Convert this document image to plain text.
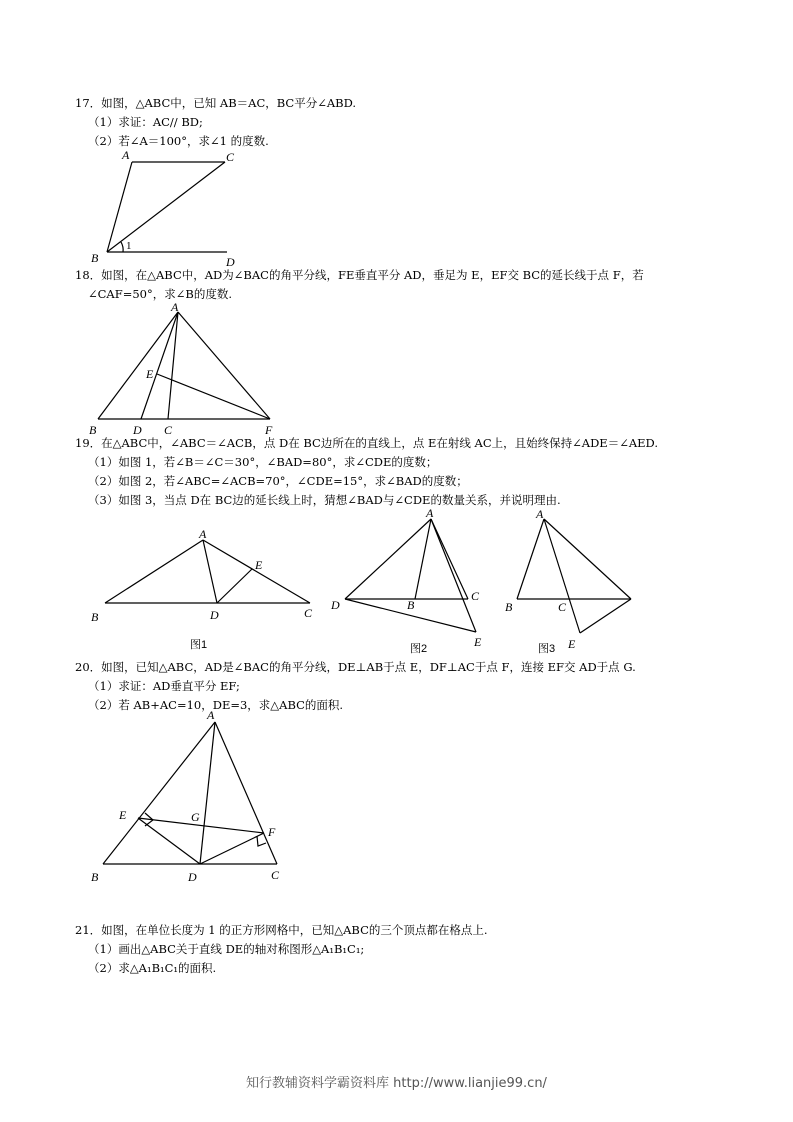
17．如图，△ABC中，已知 AB＝AC，BC平分∠ABD.
（1）求证：AC// BD;
（2）若∠A＝100°，求∠1 的度数.
A	C
B	D
1
18．如图，在△ABC中，AD为∠BAC的角平分线，FE垂直平分 AD，垂足为 E，EF交 BC的延长线于点 F，若
∠CAF=50°，求∠B的度数.
A
E
B	D C	F
19．在△ABC中，∠ABC＝∠ACB，点 D在 BC边所在的直线上，点 E在射线 AC上，且始终保持∠ADE＝∠AED.
（1）如图 1，若∠B＝∠C＝30°，∠BAD=80°，求∠CDE的度数；
（2）如图 2，若∠ABC=∠ACB=70°，∠CDE=15°，求∠BAD的度数；
（3）如图 3，当点 D在 BC边的延长线上时，猜想∠BAD与∠CDE的数量关系，并说明理由.
A
B	D
E
C
图1
A
D	B
C
E
图2
A
B	C
E
图3
20．如图，已知△ABC，AD是∠BAC的角平分线，DE⊥AB于点 E，DF⊥AC于点 F，连接 EF交 AD于点 G.
（1）求证：AD垂直平分 EF;
（2）若 AB+AC=10，DE=3，求△ABC的面积.
A
E	G
F
B	D	C
21．如图，在单位长度为 1 的正方形网格中，已知△ABC的三个顶点都在格点上.
（1）画出△ABC关于直线 DE的轴对称图形△A₁B₁C₁;
（2）求△A₁B₁C₁的面积.
知行教辅资料学霸资料库 http://www.lianjie99.cn/
